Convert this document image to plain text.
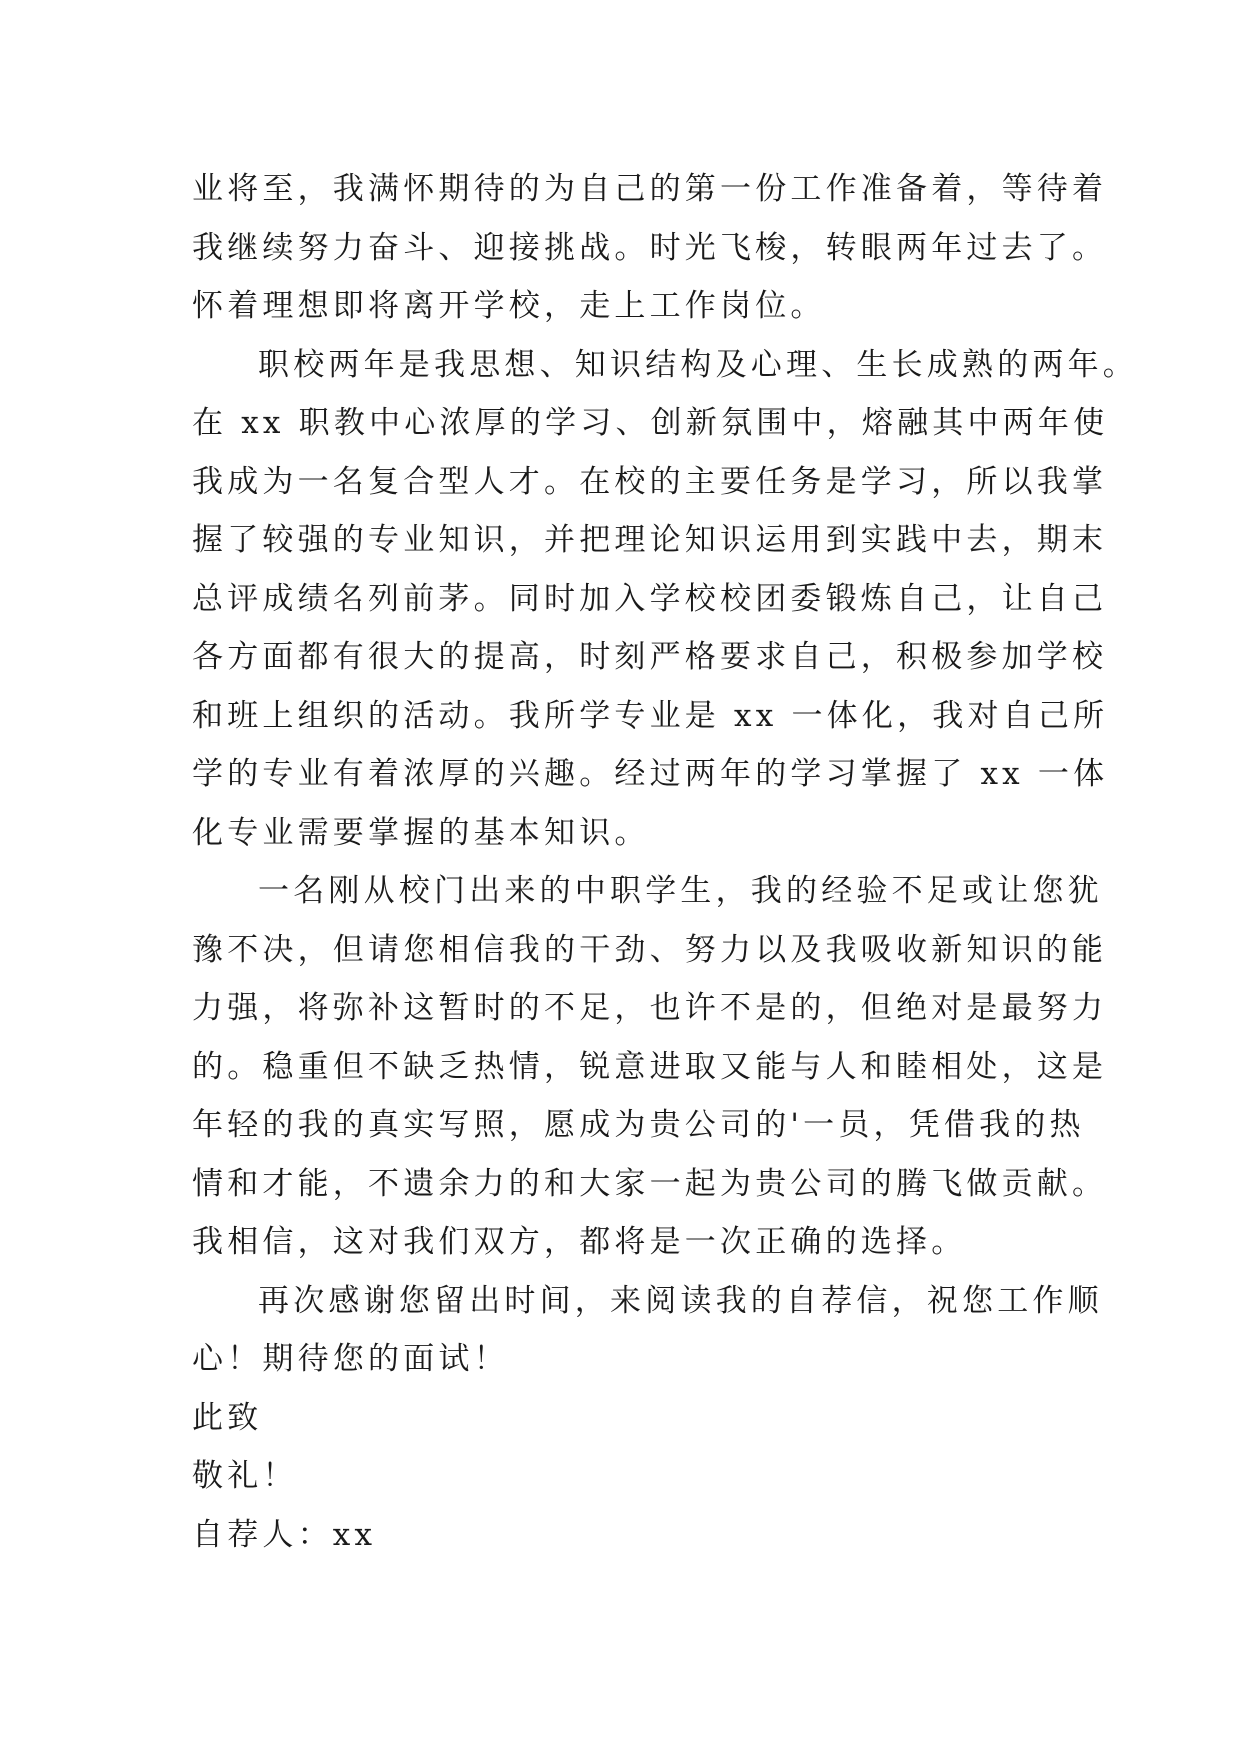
业将至，我满怀期待的为自己的第一份工作准备着，等待着
我继续努力奋斗、迎接挑战。时光飞梭，转眼两年过去了。
怀着理想即将离开学校，走上工作岗位。
职校两年是我思想、知识结构及心理、生长成熟的两年。
在 xx 职教中心浓厚的学习、创新氛围中，熔融其中两年使
我成为一名复合型人才。在校的主要任务是学习，所以我掌
握了较强的专业知识，并把理论知识运用到实践中去，期末
总评成绩名列前茅。同时加入学校校团委锻炼自己，让自己
各方面都有很大的提高，时刻严格要求自己，积极参加学校
和班上组织的活动。我所学专业是 xx 一体化，我对自己所
学的专业有着浓厚的兴趣。经过两年的学习掌握了 xx 一体
化专业需要掌握的基本知识。
一名刚从校门出来的中职学生，我的经验不足或让您犹
豫不决，但请您相信我的干劲、努力以及我吸收新知识的能
力强，将弥补这暂时的不足，也许不是的，但绝对是最努力
的。稳重但不缺乏热情，锐意进取又能与人和睦相处，这是
年轻的我的真实写照，愿成为贵公司的'一员，凭借我的热
情和才能，不遗余力的和大家一起为贵公司的腾飞做贡献。
我相信，这对我们双方，都将是一次正确的选择。
再次感谢您留出时间，来阅读我的自荐信，祝您工作顺
心！期待您的面试！
此致
敬礼！
自荐人：xx
